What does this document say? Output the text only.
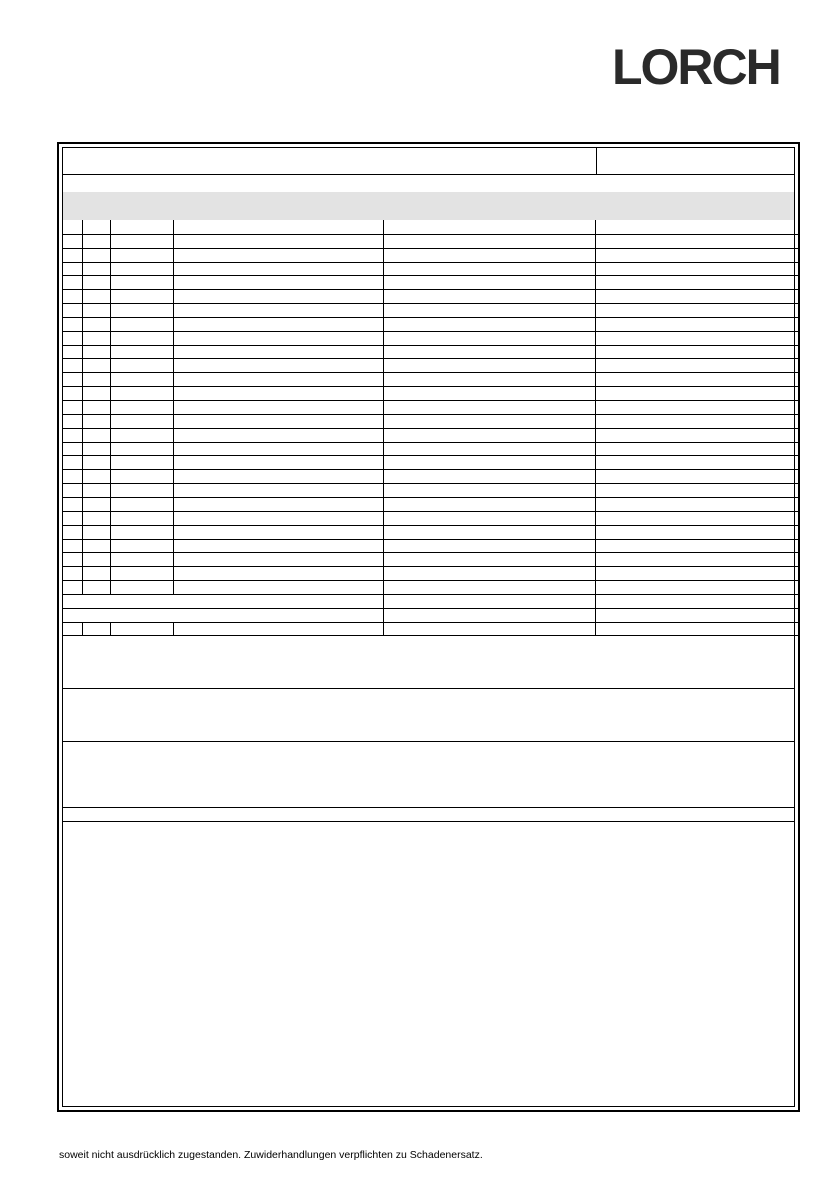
LORCH
soweit nicht ausdrücklich zugestanden. Zuwiderhandlungen verpflichten zu Schadenersatz.
